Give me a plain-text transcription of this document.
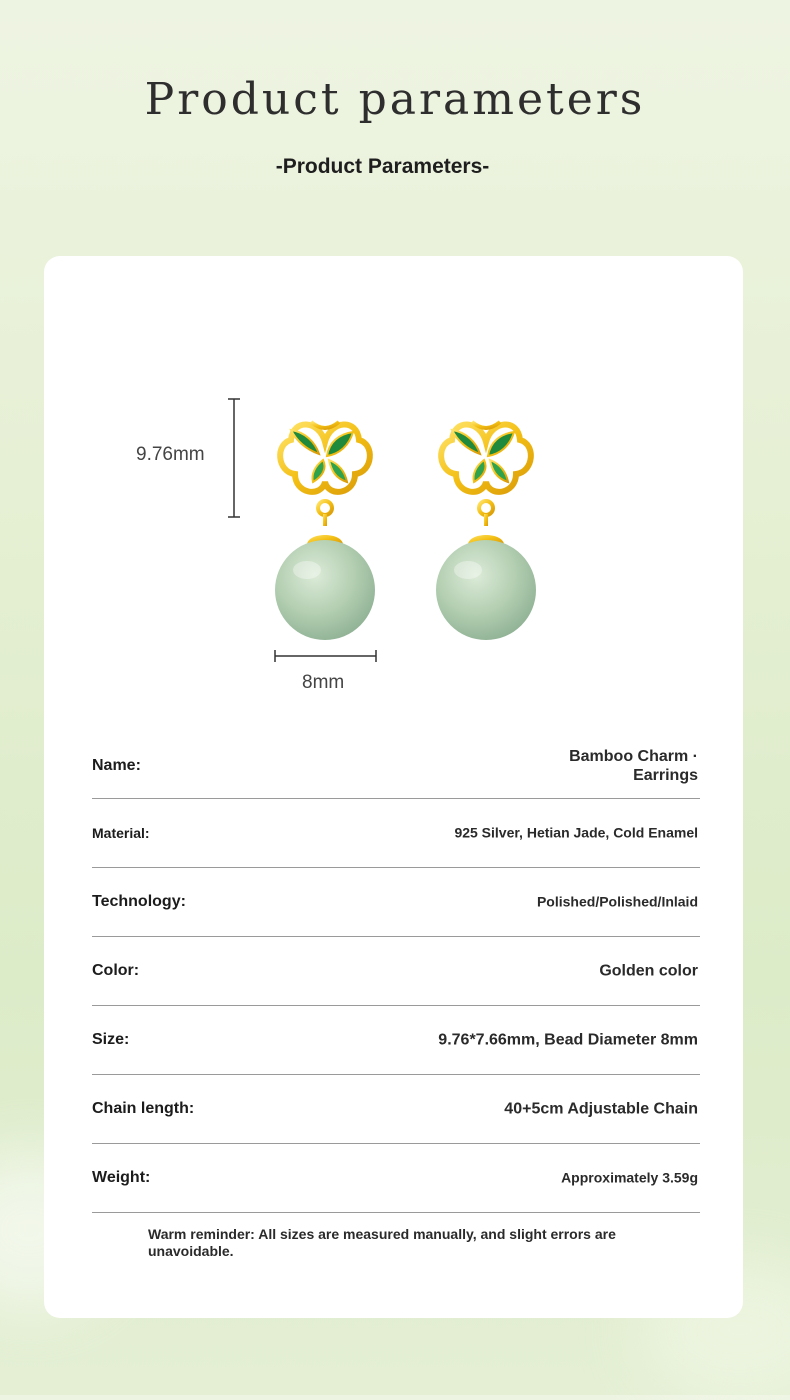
Product parameters
-Product Parameters-
9.76mm
8mm
Name:
Bamboo Charm · Earrings
Material:	925 Silver, Hetian Jade, Cold Enamel
Technology:	Polished/Polished/Inlaid
Color:	Golden color
Size:	9.76*7.66mm, Bead Diameter 8mm
Chain length:	40+5cm Adjustable Chain
Weight:	Approximately 3.59g
Warm reminder: All sizes are measured manually, and slight errors are unavoidable.
